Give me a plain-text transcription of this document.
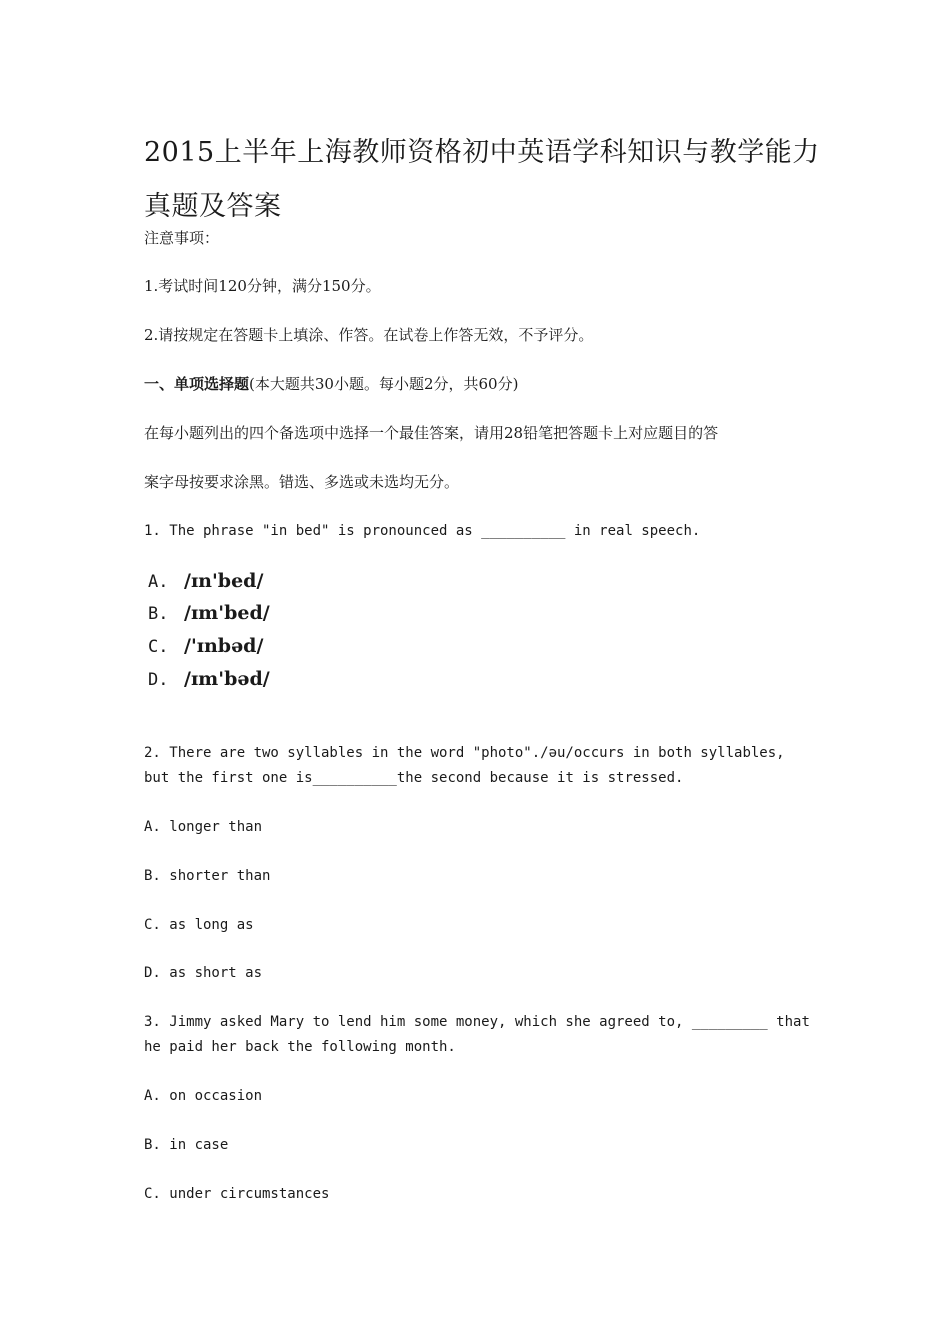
2015上半年上海教师资格初中英语学科知识与教学能力真题及答案
注意事项：
1.考试时间120分钟，满分150分。
2.请按规定在答题卡上填涂、作答。在试卷上作答无效，不予评分。
一、单项选择题(本大题共30小题。每小题2分，共60分)
在每小题列出的四个备选项中选择一个最佳答案，请用28铅笔把答题卡上对应题目的答
案字母按要求涂黑。错选、多选或未选均无分。
1. The phrase "in bed" is pronounced as __________ in real speech.
A. /ɪn'bed/
B. /ɪm'bed/
C. /'ɪnbəd/
D. /ɪm'bəd/
2. There are two syllables in the word "photo"./əu/occurs in both syllables,
but the first one is__________the second because it is stressed.
A. longer than
B. shorter than
C. as long as
D. as short as
3. Jimmy asked Mary to lend him some money, which she agreed to, _________ that
he paid her back the following month.
A. on occasion
B. in case
C. under circumstances
